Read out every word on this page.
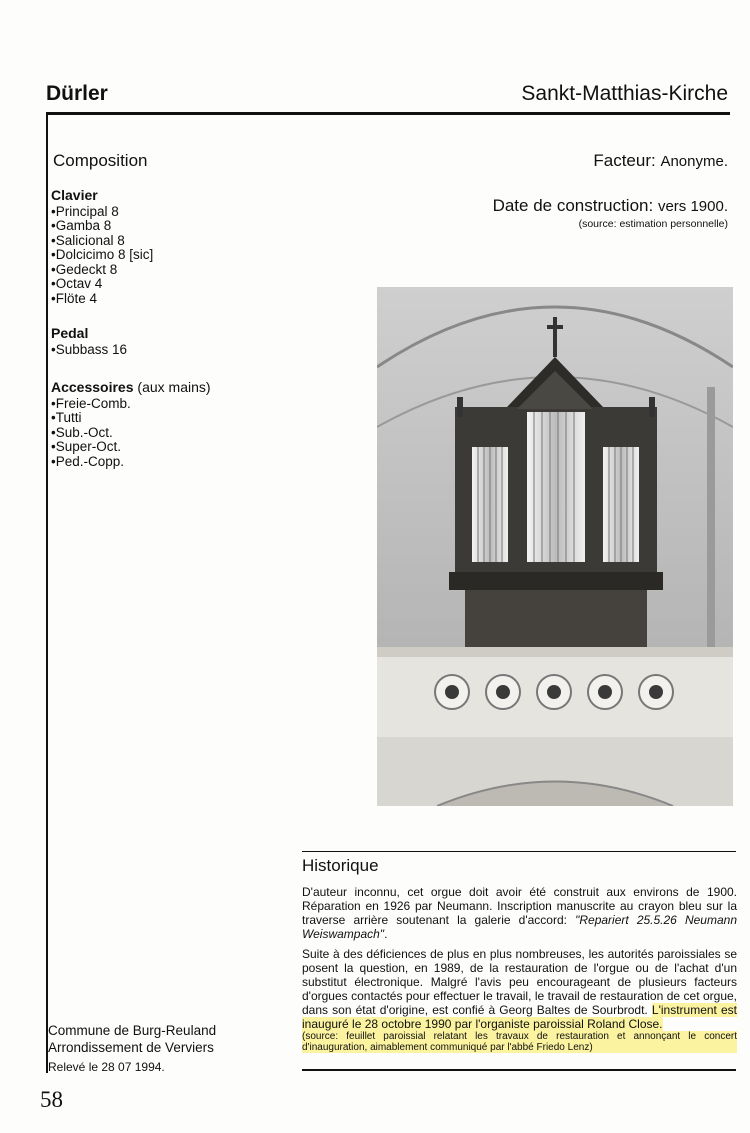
Dürler	Sankt-Matthias-Kirche
Composition
Clavier
• Principal 8
• Gamba 8
• Salicional 8
• Dolcicimo 8 [sic]
• Gedeckt 8
• Octav 4
• Flöte 4
Pedal
• Subbass 16
Accessoires (aux mains)
• Freie-Comb.
• Tutti
• Sub.-Oct.
• Super-Oct.
• Ped.-Copp.
Facteur: Anonyme.
Date de construction: vers 1900.
(source: estimation personnelle)
Historique

D'auteur inconnu, cet orgue doit avoir été construit aux environs de 1900. Réparation en 1926 par Neumann. Inscription manuscrite au crayon bleu sur la traverse arrière soutenant la galerie d'accord: "Repariert 25.5.26 Neumann Weiswampach".

Suite à des déficiences de plus en plus nombreuses, les autorités paroissiales se posent la question, en 1989, de la restauration de l'orgue ou de l'achat d'un substitut électronique. Malgré l'avis peu encourageant de plusieurs facteurs d'orgues contactés pour effectuer le travail, le travail de restauration de cet orgue, dans son état d'origine, est confié à Georg Baltes de Sourbrodt. L'instrument est inauguré le 28 octobre 1990 par l'organiste paroissial Roland Close.
(source: feuillet paroissial relatant les travaux de restauration et annonçant le concert d'inauguration, aimablement communiqué par l'abbé Friedo Lenz)

Commune de Burg-Reuland
Arrondissement de Verviers
Relevé le 28 07 1994.
58
